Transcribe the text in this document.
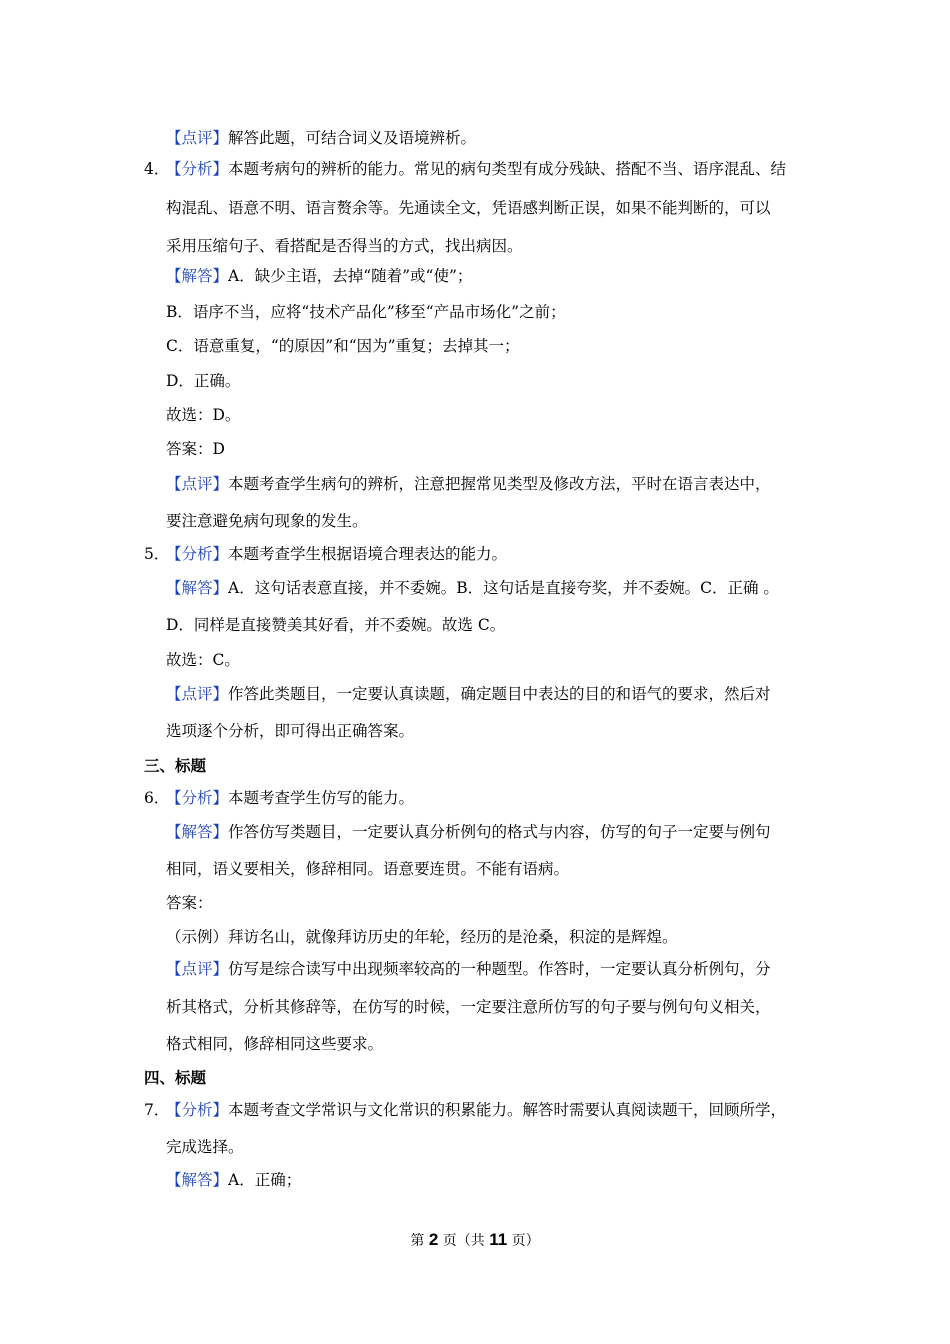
【点评】解答此题，可结合词义及语境辨析。
4．【分析】本题考病句的辨析的能力。常见的病句类型有成分残缺、搭配不当、语序混乱、结
构混乱、语意不明、语言赘余等。先通读全文，凭语感判断正误，如果不能判断的，可以
采用压缩句子、看搭配是否得当的方式，找出病因。
【解答】A．缺少主语，去掉“随着”或“使”；
B．语序不当，应将“技术产品化”移至“产品市场化”之前；
C．语意重复，“的原因”和“因为”重复；去掉其一；
D．正确。
故选：D。
答案：D
【点评】本题考查学生病句的辨析，注意把握常见类型及修改方法，平时在语言表达中，
要注意避免病句现象的发生。
5．【分析】本题考查学生根据语境合理表达的能力。
【解答】A．这句话表意直接，并不委婉。B．这句话是直接夸奖，并不委婉。C．正确 。
D．同样是直接赞美其好看，并不委婉。故选 C。
故选：C。
【点评】作答此类题目，一定要认真读题，确定题目中表达的目的和语气的要求，然后对
选项逐个分析，即可得出正确答案。
三、标题
6．【分析】本题考查学生仿写的能力。
【解答】作答仿写类题目，一定要认真分析例句的格式与内容，仿写的句子一定要与例句
相同，语义要相关，修辞相同。语意要连贯。不能有语病。
答案：
（示例）拜访名山，就像拜访历史的年轮，经历的是沧桑，积淀的是辉煌。
【点评】仿写是综合读写中出现频率较高的一种题型。作答时，一定要认真分析例句，分
析其格式，分析其修辞等，在仿写的时候，一定要注意所仿写的句子要与例句句义相关，
格式相同，修辞相同这些要求。
四、标题
7．【分析】本题考查文学常识与文化常识的积累能力。解答时需要认真阅读题干，回顾所学，
完成选择。
【解答】A．正确；
第 2 页（共 11 页）
